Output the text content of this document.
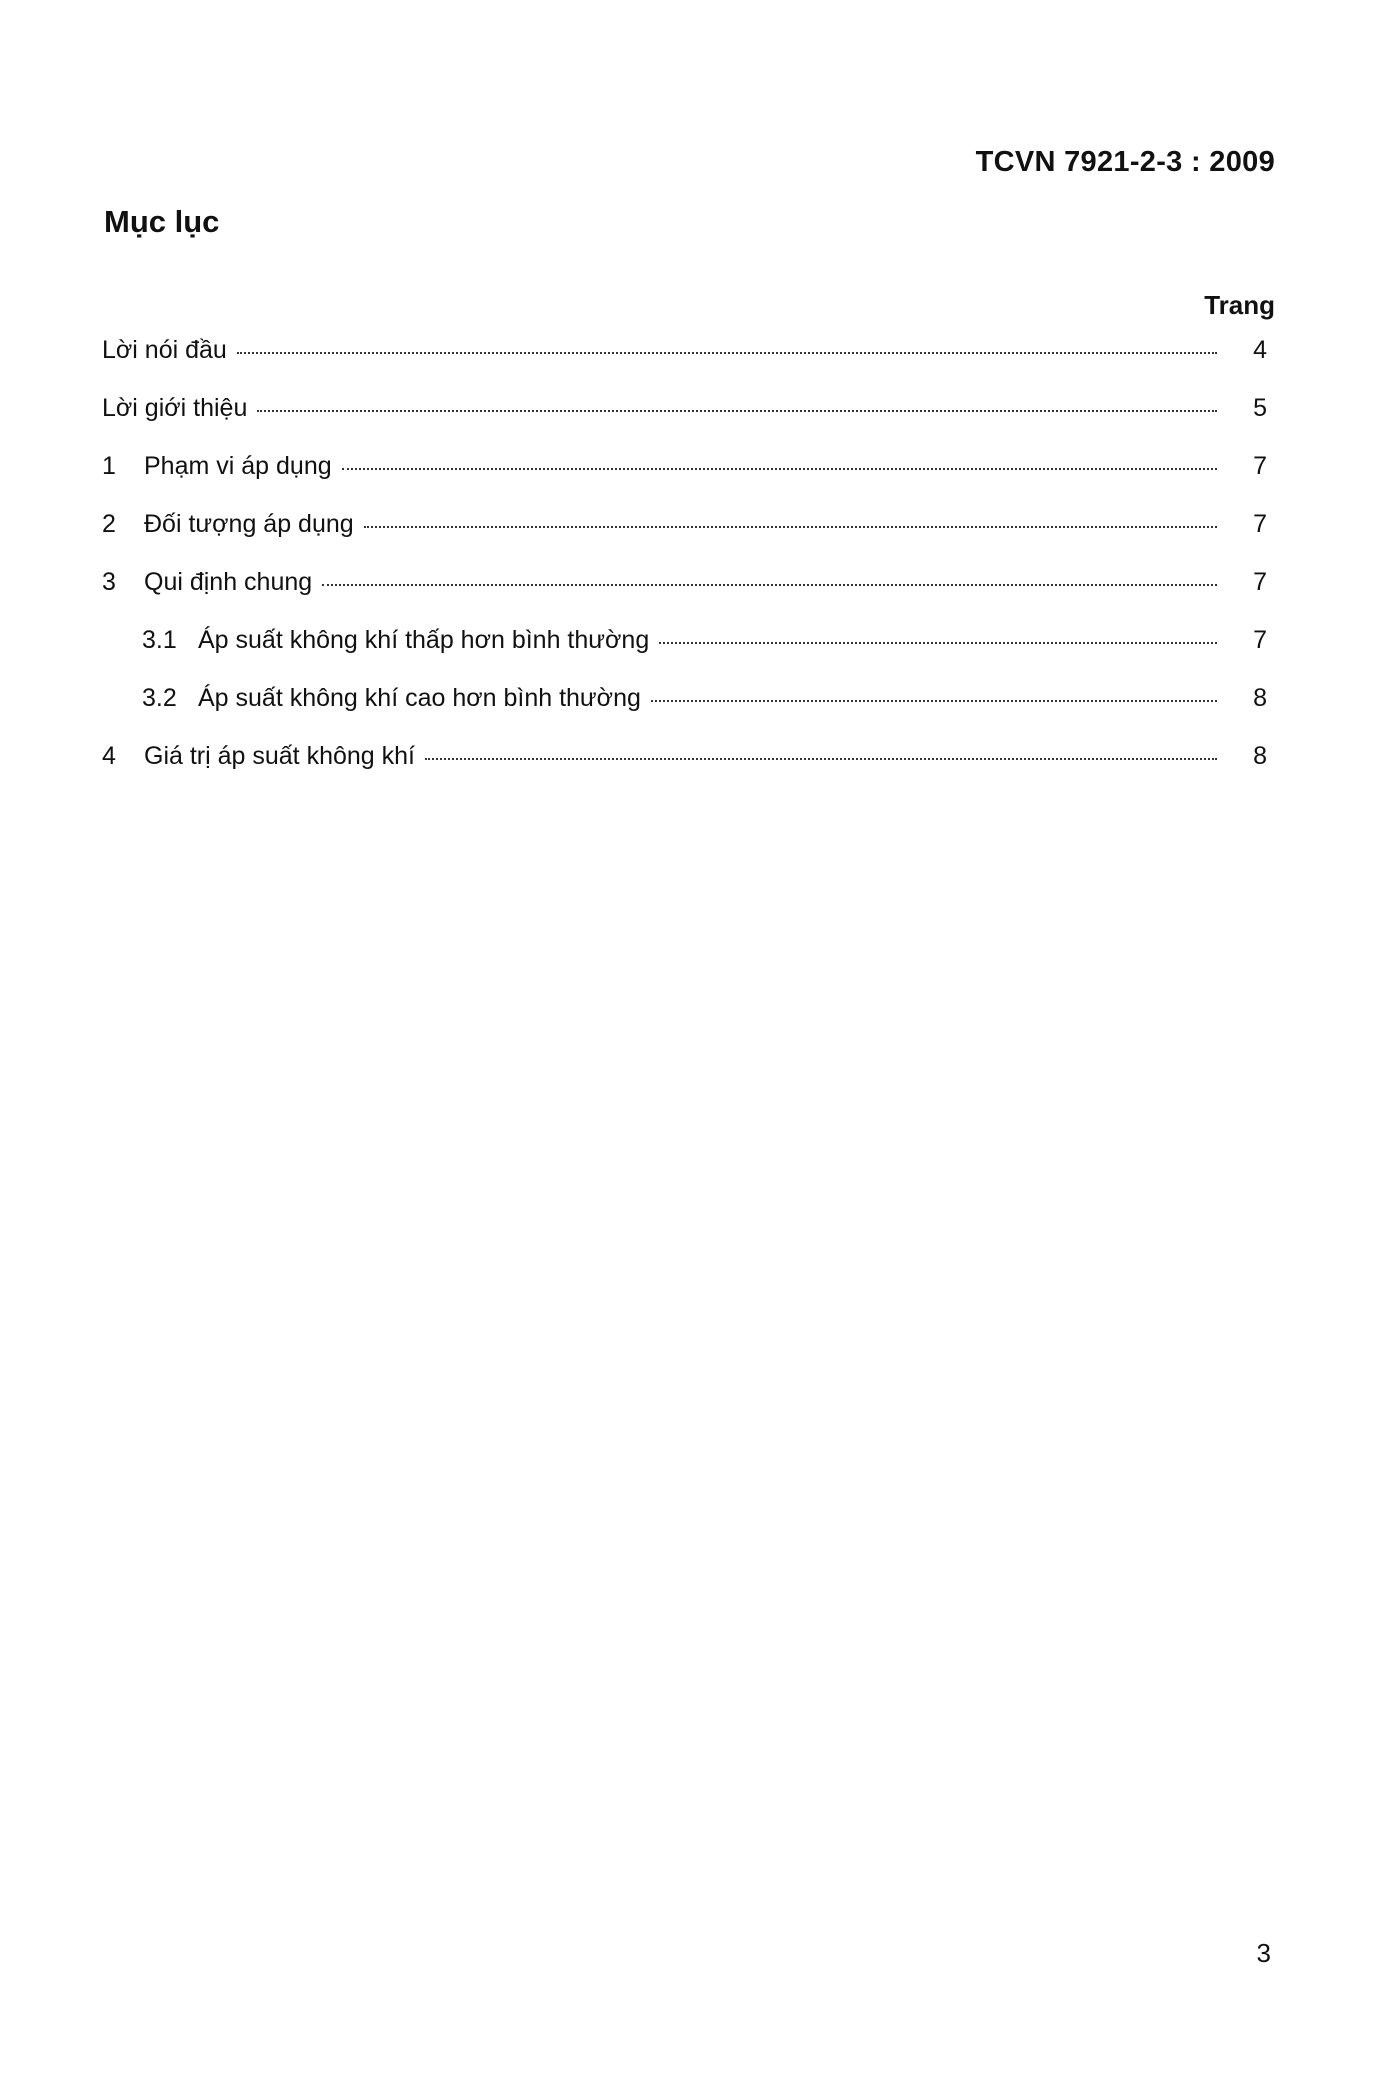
TCVN 7921-2-3 : 2009
Mục lục
Trang
Lời nói đầu	4
Lời giới thiệu	5
1	Phạm vi áp dụng	7
2	Đối tượng áp dụng	7
3	Qui định chung	7
3.1 Áp suất không khí thấp hơn bình thường	7
3.2 Áp suất không khí cao hơn bình thường	8
4	Giá trị áp suất không khí	8
3
